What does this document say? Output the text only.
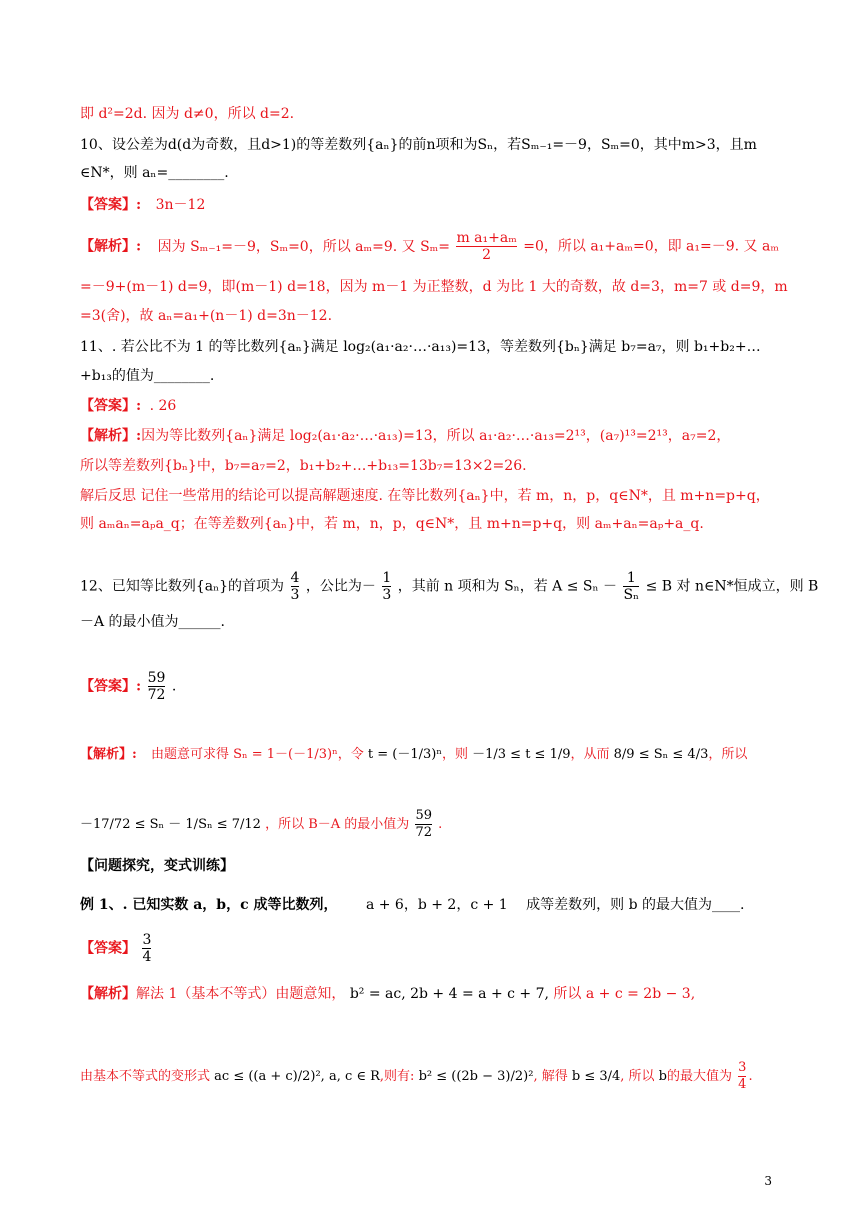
即 d²=2d. 因为 d≠0，所以 d=2.
10、设公差为d(d为奇数，且d>1)的等差数列{aₙ}的前n项和为Sₙ，若Sₘ₋₁=－9，Sₘ=0，其中m>3，且m
∈N*，则 aₙ=________.
【答案】: 3n－12
【解析】: 因为 Sₘ₋₁=－9，Sₘ=0，所以 aₘ=9. 又 $S_m= \frac{\text{m a₁+aₘ}}{2} =0$，所以 a₁+aₘ=0，即 a₁=－9. 又 aₘ
=－9+(m－1) d=9，即(m－1) d=18，因为 m－1 为正整数，d 为比 1 大的奇数，故 d=3，m=7 或 d=9，m
=3(舍)，故 aₙ=a₁+(n－1) d=3n－12.
11、. 若公比不为 1 的等比数列{aₙ}满足 log₂(a₁·a₂·…·a₁₃)=13，等差数列{bₙ}满足 b₇=a₇，则 b₁+b₂+…
+b₁₃的值为________.
【答案】: . 26
【解析】:因为等比数列{aₙ}满足 log₂(a₁·a₂·…·a₁₃)=13，所以 a₁·a₂·…·a₁₃=2¹³，(a₇)¹³=2¹³，a₇=2，
所以等差数列{bₙ}中，b₇=a₇=2，b₁+b₂+…+b₁₃=13b₇=13×2=26.
解后反思 记住一些常用的结论可以提高解题速度. 在等比数列{aₙ}中，若 m，n，p，q∈N*，且 m+n=p+q，
则 aₘaₙ=aₚa_q；在等差数列{aₙ}中，若 m，n，p，q∈N*，且 m+n=p+q，则 aₘ+aₙ=aₚ+a_q.
12、已知等比数列{aₙ}的首项为 $\frac{4}{3}$ ，公比为－ $\frac{1}{3}$ ，其前 n 项和为 Sₙ，若 $A \le S_n - \frac{1}{\text{Sₙ}} \le B$ 对 n∈N*恒成立，则 B
－A 的最小值为______.
【答案】: $\frac{59}{72}$ .
【解析】: 由题意可求得 Sₙ = 1－(－1/3)ⁿ，令 t = (－1/3)ⁿ，则 －1/3 ≤ t ≤ 1/9，从而 8/9 ≤ Sₙ ≤ 4/3，所以
－17/72 ≤ Sₙ － 1/Sₙ ≤ 7/12 ，所以 B－A 的最小值为 $\frac{59}{72}$ .
【问题探究，变式训练】
例 1、. 已知实数 a，b，c 成等比数列， a + 6，b + 2，c + 1 成等差数列，则 b 的最大值为____.
【答案】 $\frac{3}{4}$
【解析】解法 1（基本不等式）由题意知， b² = ac, 2b + 4 = a + c + 7, 所以 a + c = 2b − 3,
由基本不等式的变形式 ac ≤ ((a + c)/2)², a, c ∈ R,则有: b² ≤ ((2b − 3)/2)², 解得 b ≤ 3/4, 所以 b的最大值为 $\frac{3}{4}$ .
3
